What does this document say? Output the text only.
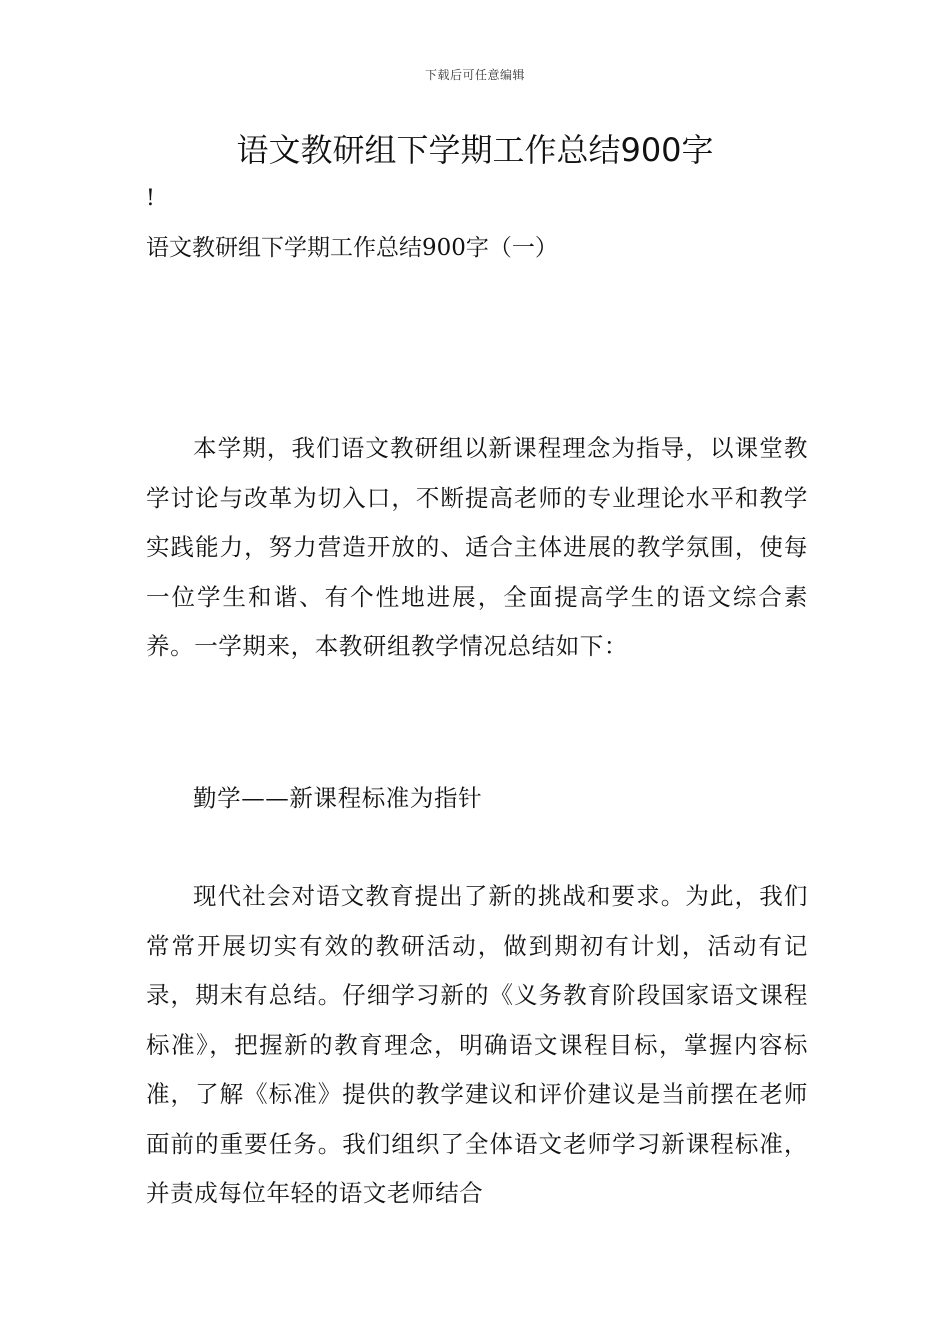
下载后可任意编辑
语文教研组下学期工作总结900字
!
语文教研组下学期工作总结900字（一）

本学期，我们语文教研组以新课程理念为指导，以课堂教学讨论与改革为切入口，不断提高老师的专业理论水平和教学实践能力，努力营造开放的、适合主体进展的教学氛围，使每一位学生和谐、有个性地进展，全面提高学生的语文综合素养。一学期来，本教研组教学情况总结如下：

勤学——新课程标准为指针

现代社会对语文教育提出了新的挑战和要求。为此，我们常常开展切实有效的教研活动，做到期初有计划，活动有记录，期末有总结。仔细学习新的《义务教育阶段国家语文课程标准》，把握新的教育理念，明确语文课程目标，掌握内容标准，了解《标准》提供的教学建议和评价建议是当前摆在老师面前的重要任务。我们组织了全体语文老师学习新课程标准，并责成每位年轻的语文老师结合
